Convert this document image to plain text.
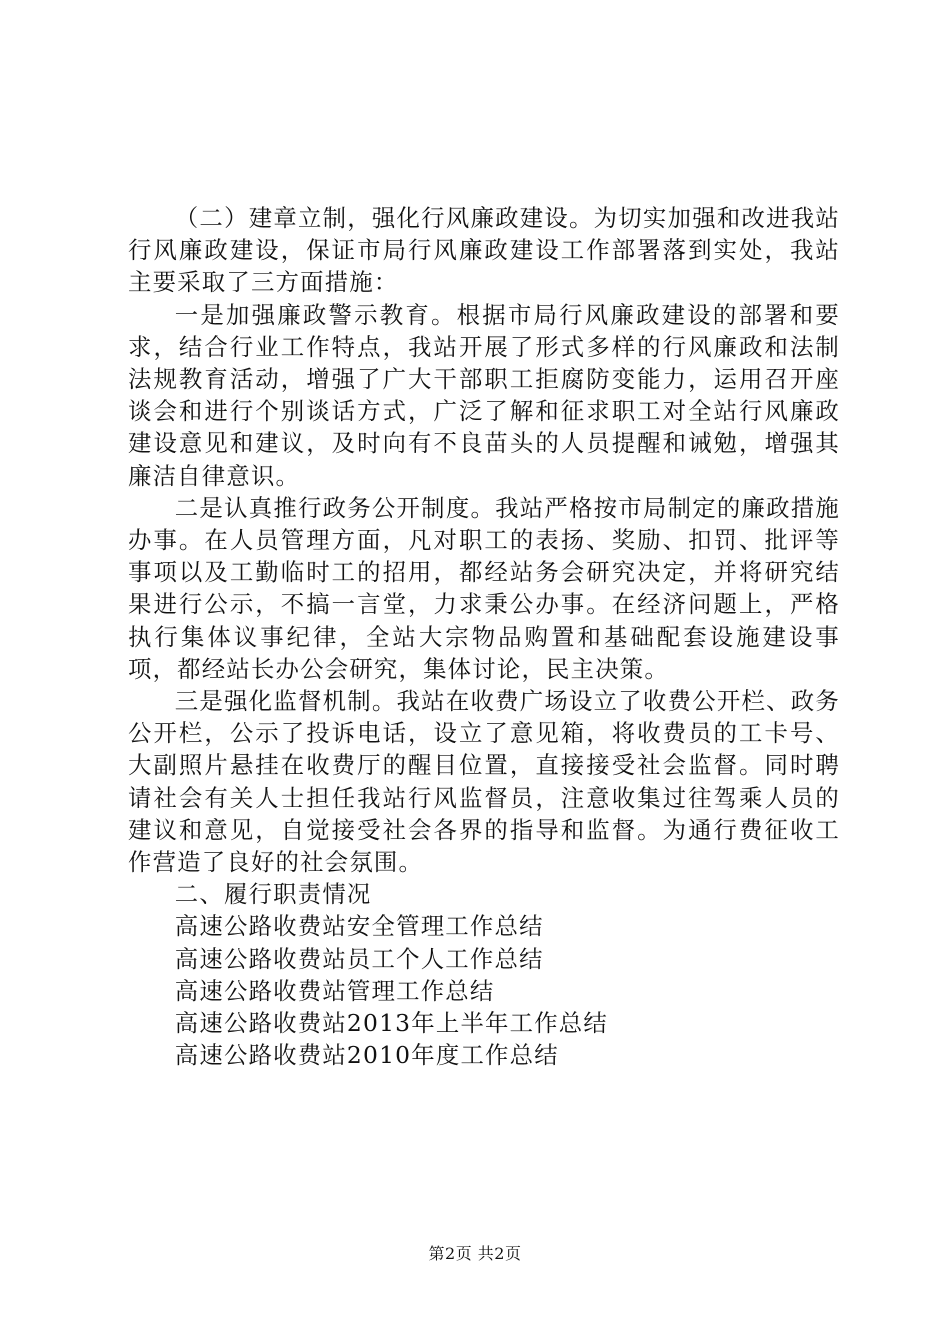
（二）建章立制，强化行风廉政建设。为切实加强和改进我站行风廉政建设，保证市局行风廉政建设工作部署落到实处，我站主要采取了三方面措施：

一是加强廉政警示教育。根据市局行风廉政建设的部署和要求，结合行业工作特点，我站开展了形式多样的行风廉政和法制法规教育活动，增强了广大干部职工拒腐防变能力，运用召开座谈会和进行个别谈话方式，广泛了解和征求职工对全站行风廉政建设意见和建议，及时向有不良苗头的人员提醒和诫勉，增强其廉洁自律意识。

二是认真推行政务公开制度。我站严格按市局制定的廉政措施办事。在人员管理方面，凡对职工的表扬、奖励、扣罚、批评等事项以及工勤临时工的招用，都经站务会研究决定，并将研究结果进行公示，不搞一言堂，力求秉公办事。在经济问题上，严格执行集体议事纪律，全站大宗物品购置和基础配套设施建设事项，都经站长办公会研究，集体讨论，民主决策。

三是强化监督机制。我站在收费广场设立了收费公开栏、政务公开栏，公示了投诉电话，设立了意见箱，将收费员的工卡号、大副照片悬挂在收费厅的醒目位置，直接接受社会监督。同时聘请社会有关人士担任我站行风监督员，注意收集过往驾乘人员的建议和意见，自觉接受社会各界的指导和监督。为通行费征收工作营造了良好的社会氛围。

二、履行职责情况

高速公路收费站安全管理工作总结

高速公路收费站员工个人工作总结

高速公路收费站管理工作总结

高速公路收费站2013年上半年工作总结

高速公路收费站2010年度工作总结

第2页 共2页
